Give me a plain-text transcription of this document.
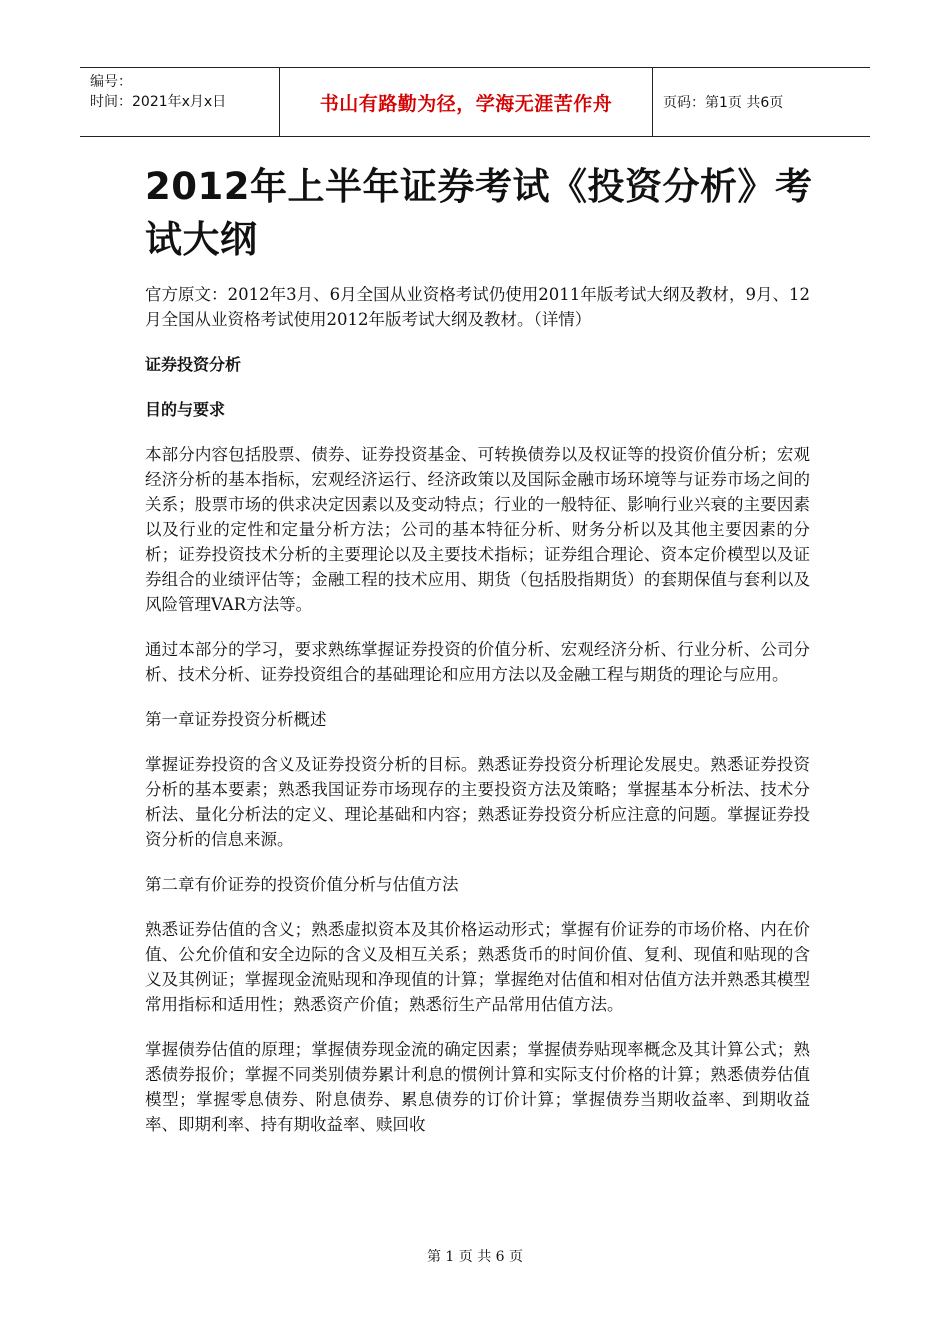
编号：
时间：2021年x月x日	书山有路勤为径，学海无涯苦作舟	页码：第1页 共6页
2012年上半年证券考试《投资分析》考试大纲

官方原文：2012年3月、6月全国从业资格考试仍使用2011年版考试大纲及教材，9月、12月全国从业资格考试使用2012年版考试大纲及教材。（详情）

证券投资分析

目的与要求

本部分内容包括股票、债券、证券投资基金、可转换债券以及权证等的投资价值分析；宏观经济分析的基本指标，宏观经济运行、经济政策以及国际金融市场环境等与证券市场之间的关系；股票市场的供求决定因素以及变动特点；行业的一般特征、影响行业兴衰的主要因素以及行业的定性和定量分析方法；公司的基本特征分析、财务分析以及其他主要因素的分析；证券投资技术分析的主要理论以及主要技术指标；证券组合理论、资本定价模型以及证券组合的业绩评估等；金融工程的技术应用、期货（包括股指期货）的套期保值与套利以及风险管理VAR方法等。

通过本部分的学习，要求熟练掌握证券投资的价值分析、宏观经济分析、行业分析、公司分析、技术分析、证券投资组合的基础理论和应用方法以及金融工程与期货的理论与应用。

第一章证券投资分析概述

掌握证券投资的含义及证券投资分析的目标。熟悉证券投资分析理论发展史。熟悉证券投资分析的基本要素；熟悉我国证券市场现存的主要投资方法及策略；掌握基本分析法、技术分析法、量化分析法的定义、理论基础和内容；熟悉证券投资分析应注意的问题。掌握证券投资分析的信息来源。

第二章有价证券的投资价值分析与估值方法

熟悉证券估值的含义；熟悉虚拟资本及其价格运动形式；掌握有价证券的市场价格、内在价值、公允价值和安全边际的含义及相互关系；熟悉货币的时间价值、复利、现值和贴现的含义及其例证；掌握现金流贴现和净现值的计算；掌握绝对估值和相对估值方法并熟悉其模型常用指标和适用性；熟悉资产价值；熟悉衍生产品常用估值方法。

掌握债券估值的原理；掌握债券现金流的确定因素；掌握债券贴现率概念及其计算公式；熟悉债券报价；掌握不同类别债券累计利息的惯例计算和实际支付价格的计算；熟悉债券估值模型；掌握零息债券、附息债券、累息债券的订价计算；掌握债券当期收益率、到期收益率、即期利率、持有期收益率、赎回收

第 1 页 共 6 页
